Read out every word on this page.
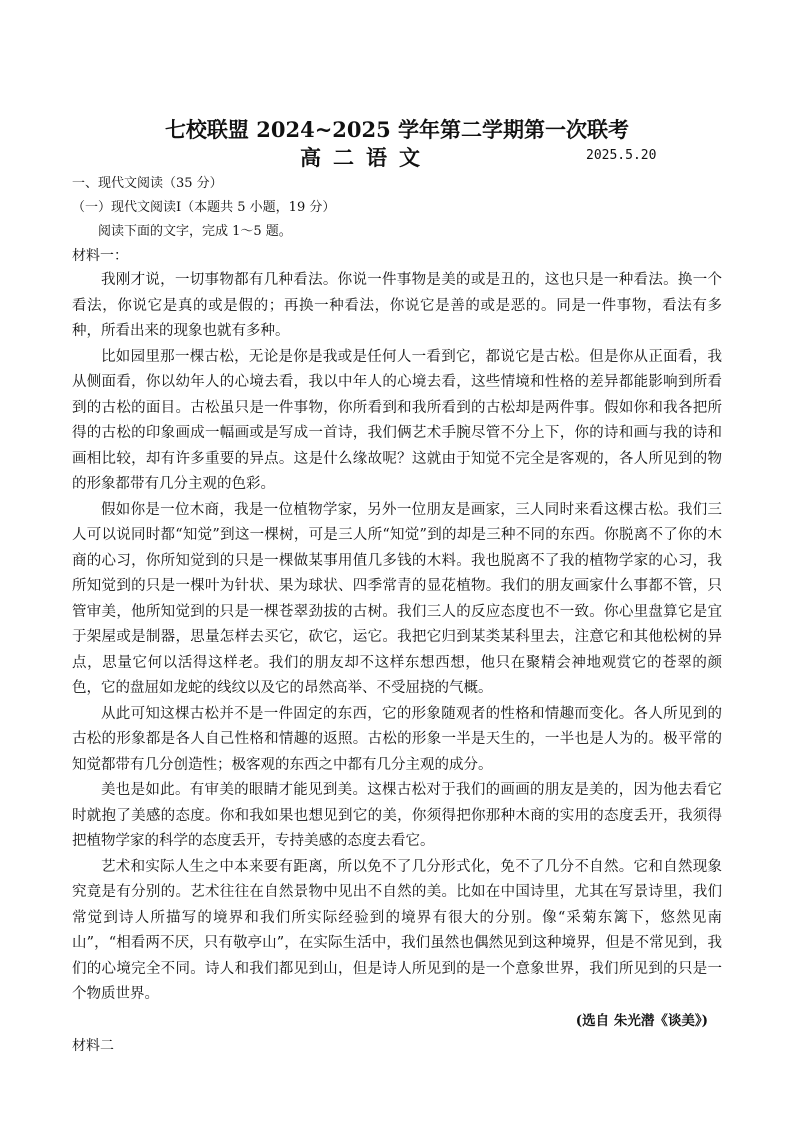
七校联盟 2024~2025 学年第二学期第一次联考
高二语文	2025.5.20
一、现代文阅读（35 分）
（一）现代文阅读Ⅰ（本题共 5 小题，19 分）
阅读下面的文字，完成 1～5 题。
材料一：

我刚才说，一切事物都有几种看法。你说一件事物是美的或是丑的，这也只是一种看法。换一个看法，你说它是真的或是假的；再换一种看法，你说它是善的或是恶的。同是一件事物，看法有多种，所看出来的现象也就有多种。

比如园里那一棵古松，无论是你是我或是任何人一看到它，都说它是古松。但是你从正面看，我从侧面看，你以幼年人的心境去看，我以中年人的心境去看，这些情境和性格的差异都能影响到所看到的古松的面目。古松虽只是一件事物，你所看到和我所看到的古松却是两件事。假如你和我各把所得的古松的印象画成一幅画或是写成一首诗，我们俩艺术手腕尽管不分上下，你的诗和画与我的诗和画相比较，却有许多重要的异点。这是什么缘故呢？这就由于知觉不完全是客观的，各人所见到的物的形象都带有几分主观的色彩。

假如你是一位木商，我是一位植物学家，另外一位朋友是画家，三人同时来看这棵古松。我们三人可以说同时都“知觉”到这一棵树，可是三人所“知觉”到的却是三种不同的东西。你脱离不了你的木商的心习，你所知觉到的只是一棵做某事用值几多钱的木料。我也脱离不了我的植物学家的心习，我所知觉到的只是一棵叶为针状、果为球状、四季常青的显花植物。我们的朋友画家什么事都不管，只管审美，他所知觉到的只是一棵苍翠劲拔的古树。我们三人的反应态度也不一致。你心里盘算它是宜于架屋或是制器，思量怎样去买它，砍它，运它。我把它归到某类某科里去，注意它和其他松树的异点，思量它何以活得这样老。我们的朋友却不这样东想西想，他只在聚精会神地观赏它的苍翠的颜色，它的盘屈如龙蛇的线纹以及它的昂然高举、不受屈挠的气概。

从此可知这棵古松并不是一件固定的东西，它的形象随观者的性格和情趣而变化。各人所见到的古松的形象都是各人自己性格和情趣的返照。古松的形象一半是天生的，一半也是人为的。极平常的知觉都带有几分创造性；极客观的东西之中都有几分主观的成分。

美也是如此。有审美的眼睛才能见到美。这棵古松对于我们的画画的朋友是美的，因为他去看它时就抱了美感的态度。你和我如果也想见到它的美，你须得把你那种木商的实用的态度丢开，我须得把植物学家的科学的态度丢开，专持美感的态度去看它。

艺术和实际人生之中本来要有距离，所以免不了几分形式化，免不了几分不自然。它和自然现象究竟是有分别的。艺术往往在自然景物中见出不自然的美。比如在中国诗里，尤其在写景诗里，我们常觉到诗人所描写的境界和我们所实际经验到的境界有很大的分别。像“采菊东篱下，悠然见南山”，“相看两不厌，只有敬亭山”，在实际生活中，我们虽然也偶然见到这种境界，但是不常见到，我们的心境完全不同。诗人和我们都见到山，但是诗人所见到的是一个意象世界，我们所见到的只是一个物质世界。

(选自 朱光潜《谈美》)
材料二
